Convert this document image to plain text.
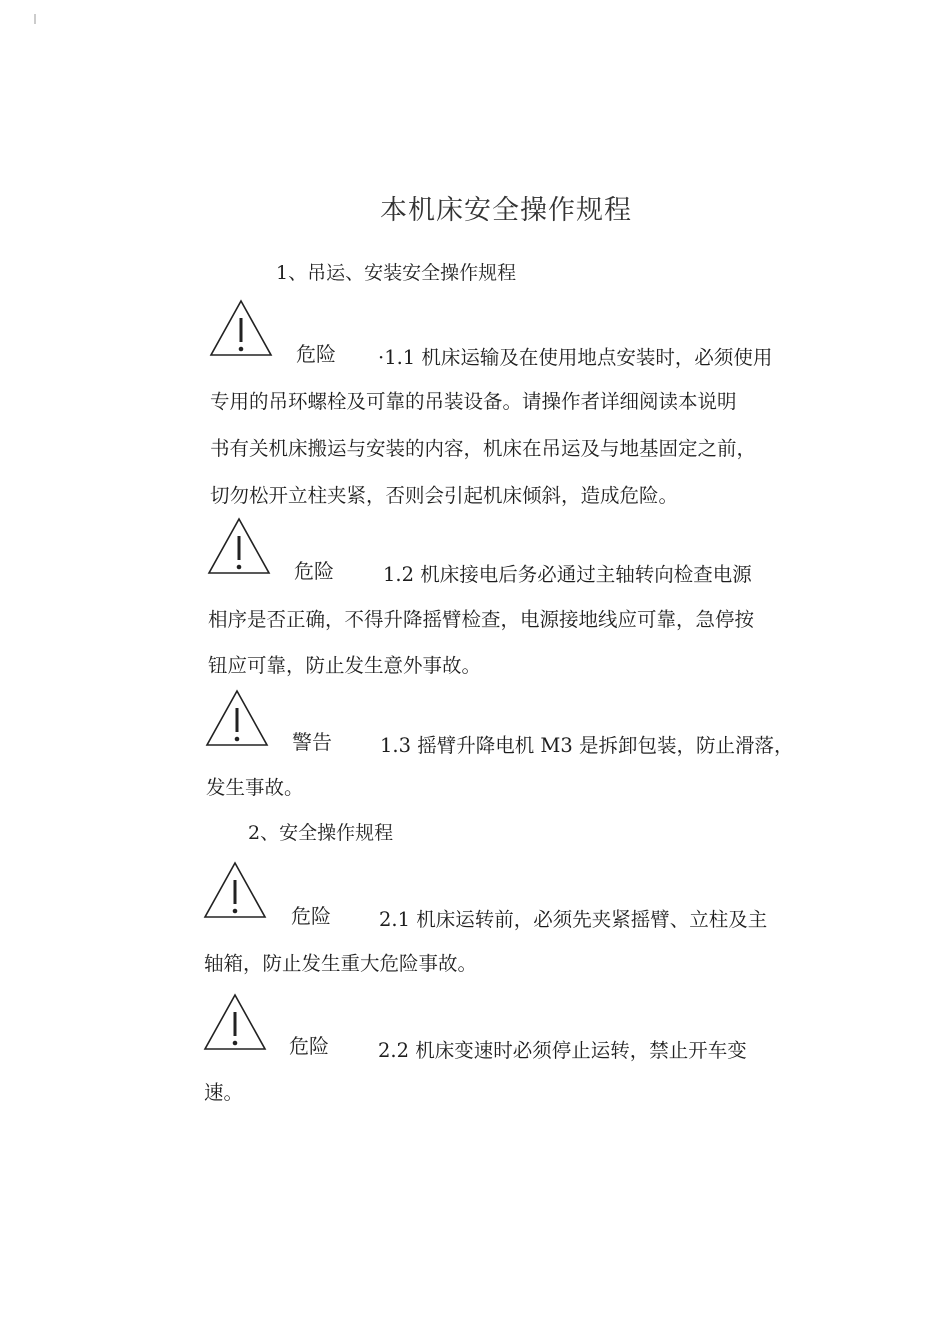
本机床安全操作规程
1、吊运、安装安全操作规程
危险 ·1.1 机床运输及在使用地点安装时，必须使用
专用的吊环螺栓及可靠的吊装设备。请操作者详细阅读本说明
书有关机床搬运与安装的内容，机床在吊运及与地基固定之前，
切勿松开立柱夹紧，否则会引起机床倾斜，造成危险。
危险	1.2 机床接电后务必通过主轴转向检查电源
相序是否正确，不得升降摇臂检查，电源接地线应可靠，急停按
钮应可靠，防止发生意外事故。
警告 1.3 摇臂升降电机 M3 是拆卸包装，防止滑落，
发生事故。
2、安全操作规程
危险 2.1 机床运转前，必须先夹紧摇臂、立柱及主
轴箱，防止发生重大危险事故。
危险	2.2 机床变速时必须停止运转，禁止开车变
速。
